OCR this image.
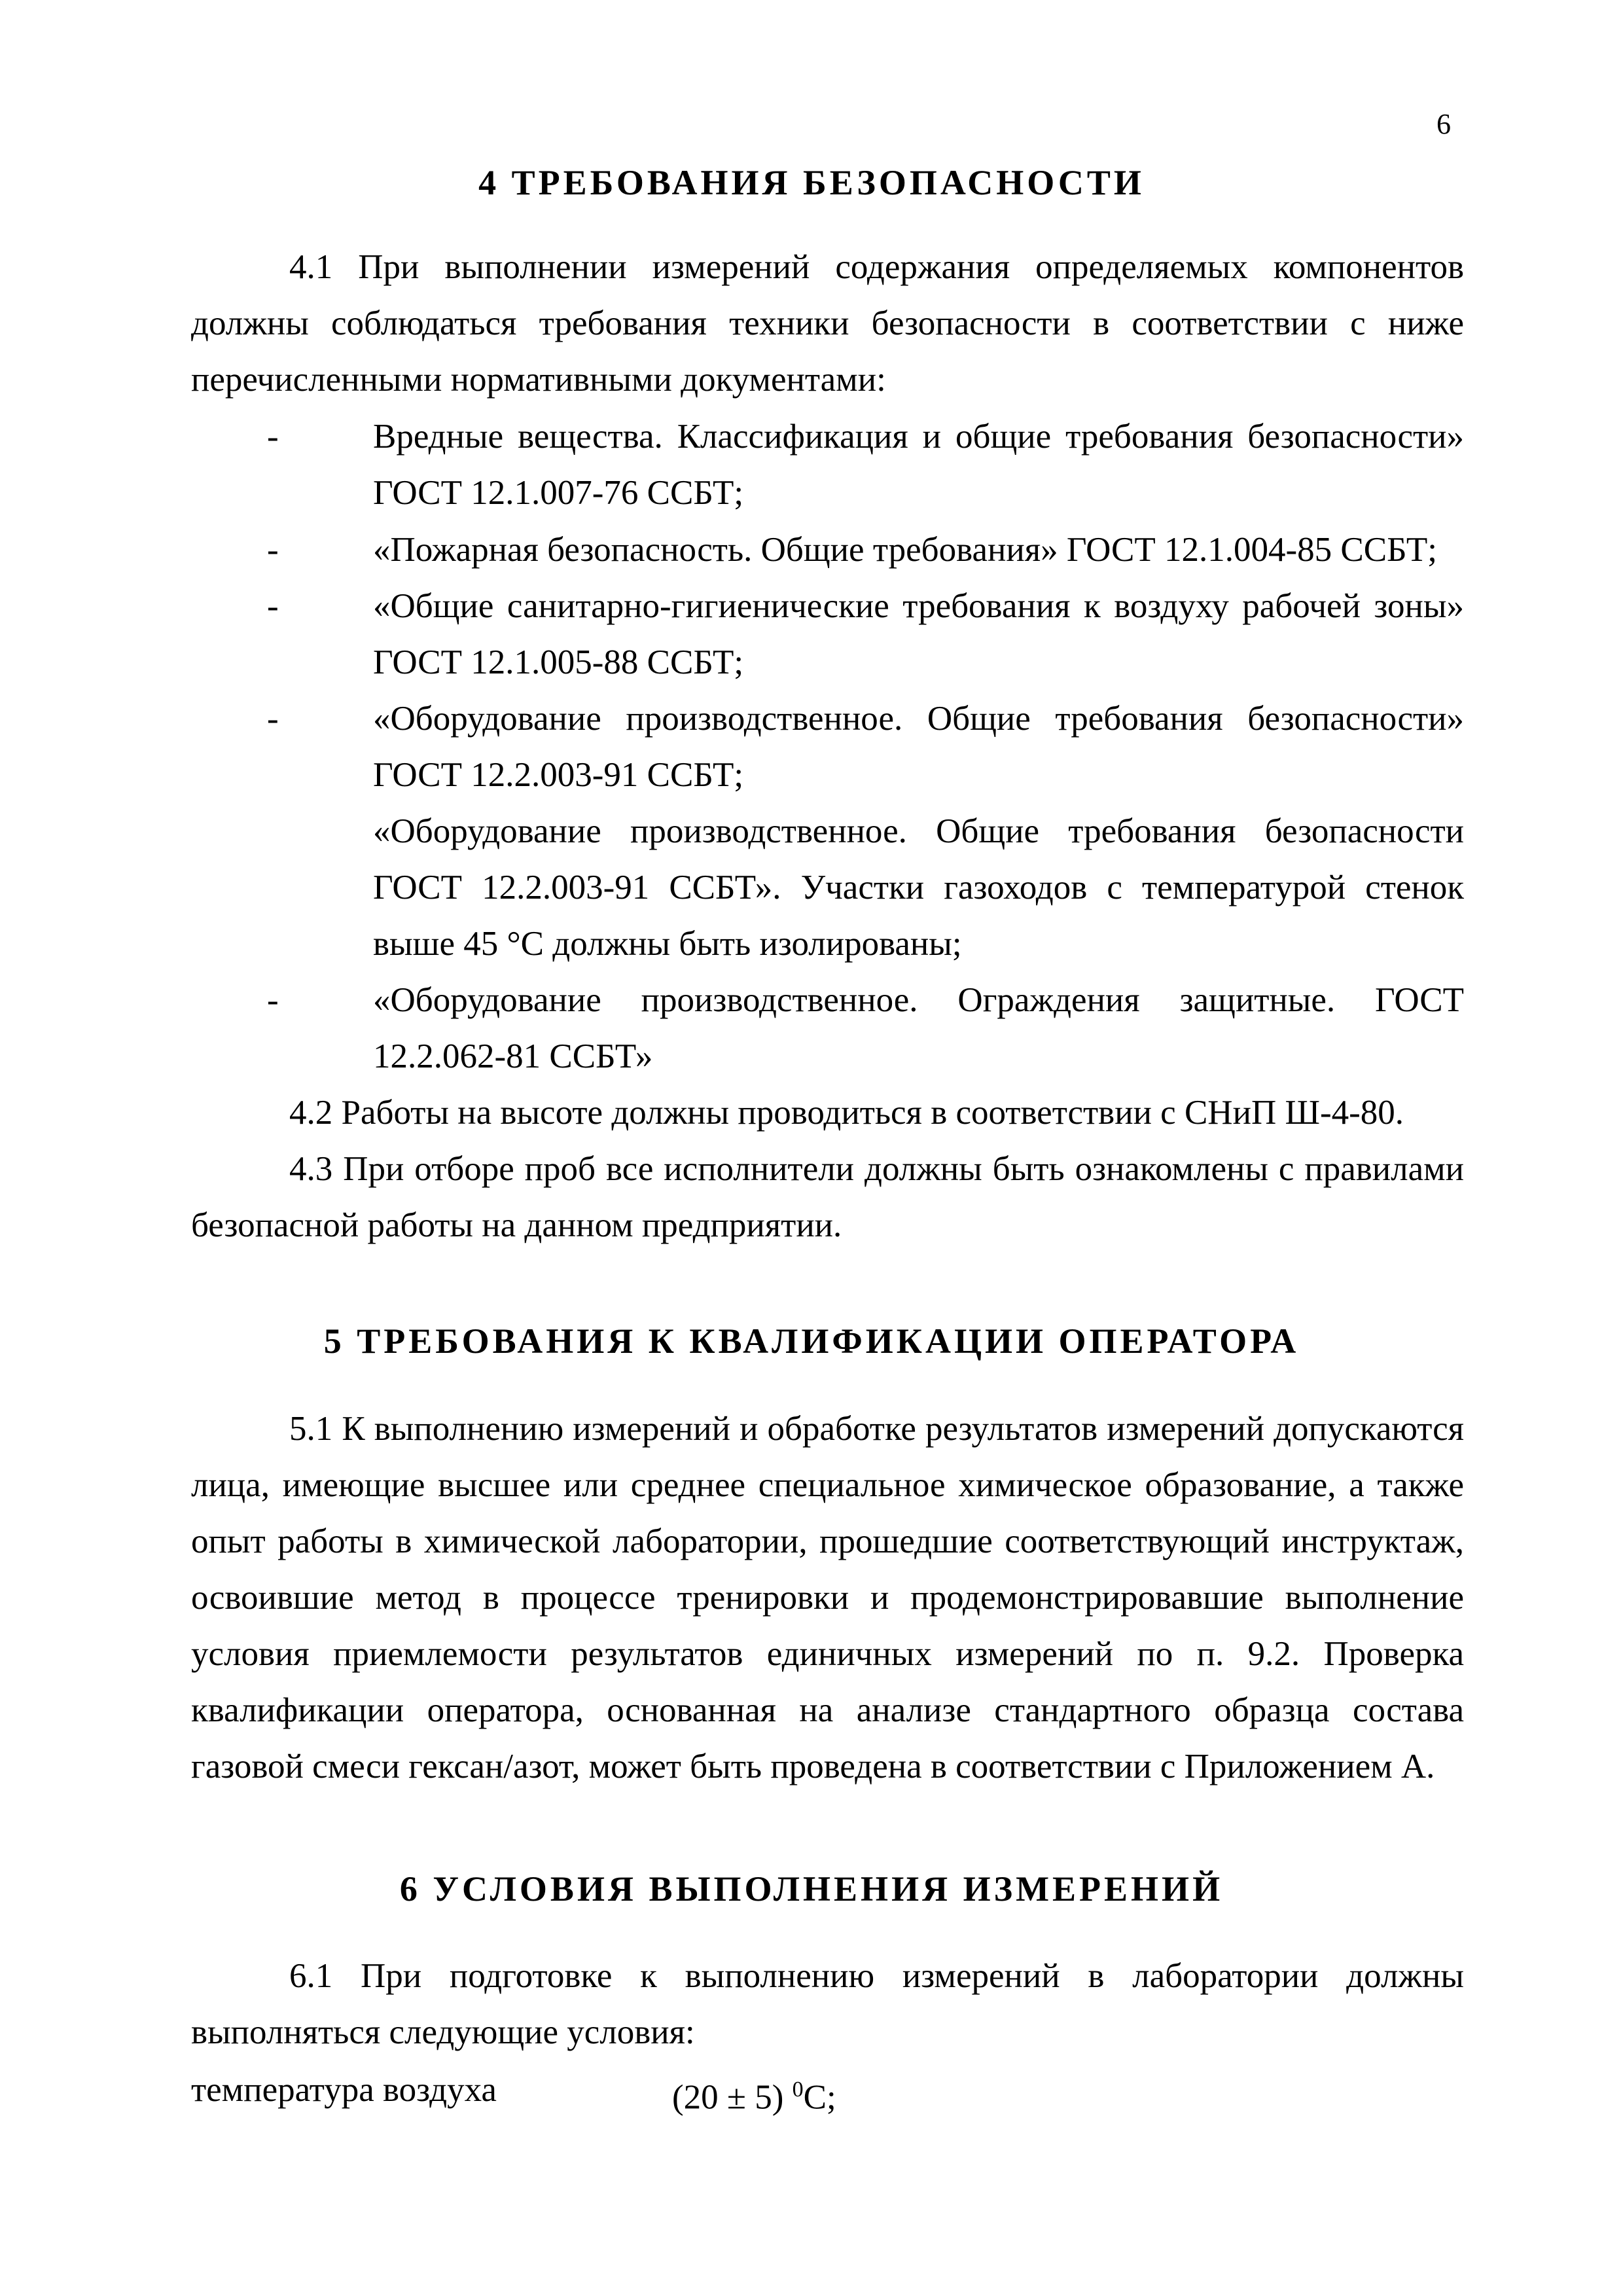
6
4 ТРЕБОВАНИЯ БЕЗОПАСНОСТИ
4.1 При выполнении измерений содержания определяемых компонентов должны соблюдаться требования техники безопасности в соответствии с ниже перечисленными нормативными документами:
-	Вредные вещества. Классификация и общие требования безопасности» ГОСТ 12.1.007-76 ССБТ;
-	«Пожарная безопасность. Общие требования» ГОСТ 12.1.004-85 ССБТ;
-	«Общие санитарно-гигиенические требования к воздуху рабочей зоны» ГОСТ 12.1.005-88 ССБТ;
-	«Оборудование производственное. Общие требования безопасности» ГОСТ 12.2.003-91 ССБТ;
«Оборудование производственное. Общие требования безопасности ГОСТ 12.2.003-91 ССБТ». Участки газоходов с температурой стенок выше 45 °С должны быть изолированы;
-	«Оборудование производственное. Ограждения защитные. ГОСТ 12.2.062-81 ССБТ»
4.2 Работы на высоте должны проводиться в соответствии с СНиП Ш-4-80.
4.3 При отборе проб все исполнители должны быть ознакомлены с правилами безопасной работы на данном предприятии.
5 ТРЕБОВАНИЯ К КВАЛИФИКАЦИИ ОПЕРАТОРА
5.1 К выполнению измерений и обработке результатов измерений допускаются лица, имеющие высшее или среднее специальное химическое образование, а также опыт работы в химической лаборатории, прошедшие соответствующий инструктаж, освоившие метод в процессе тренировки и продемонстрировавшие выполнение условия приемлемости результатов единичных измерений по п. 9.2. Проверка квалификации оператора, основанная на анализе стандартного образца состава газовой смеси гексан/азот, может быть проведена в соответствии с Приложением А.
6 УСЛОВИЯ ВЫПОЛНЕНИЯ ИЗМЕРЕНИЙ
6.1 При подготовке к выполнению измерений в лаборатории должны выполняться следующие условия:
температура воздуха	(20 ± 5) $^0$С;
